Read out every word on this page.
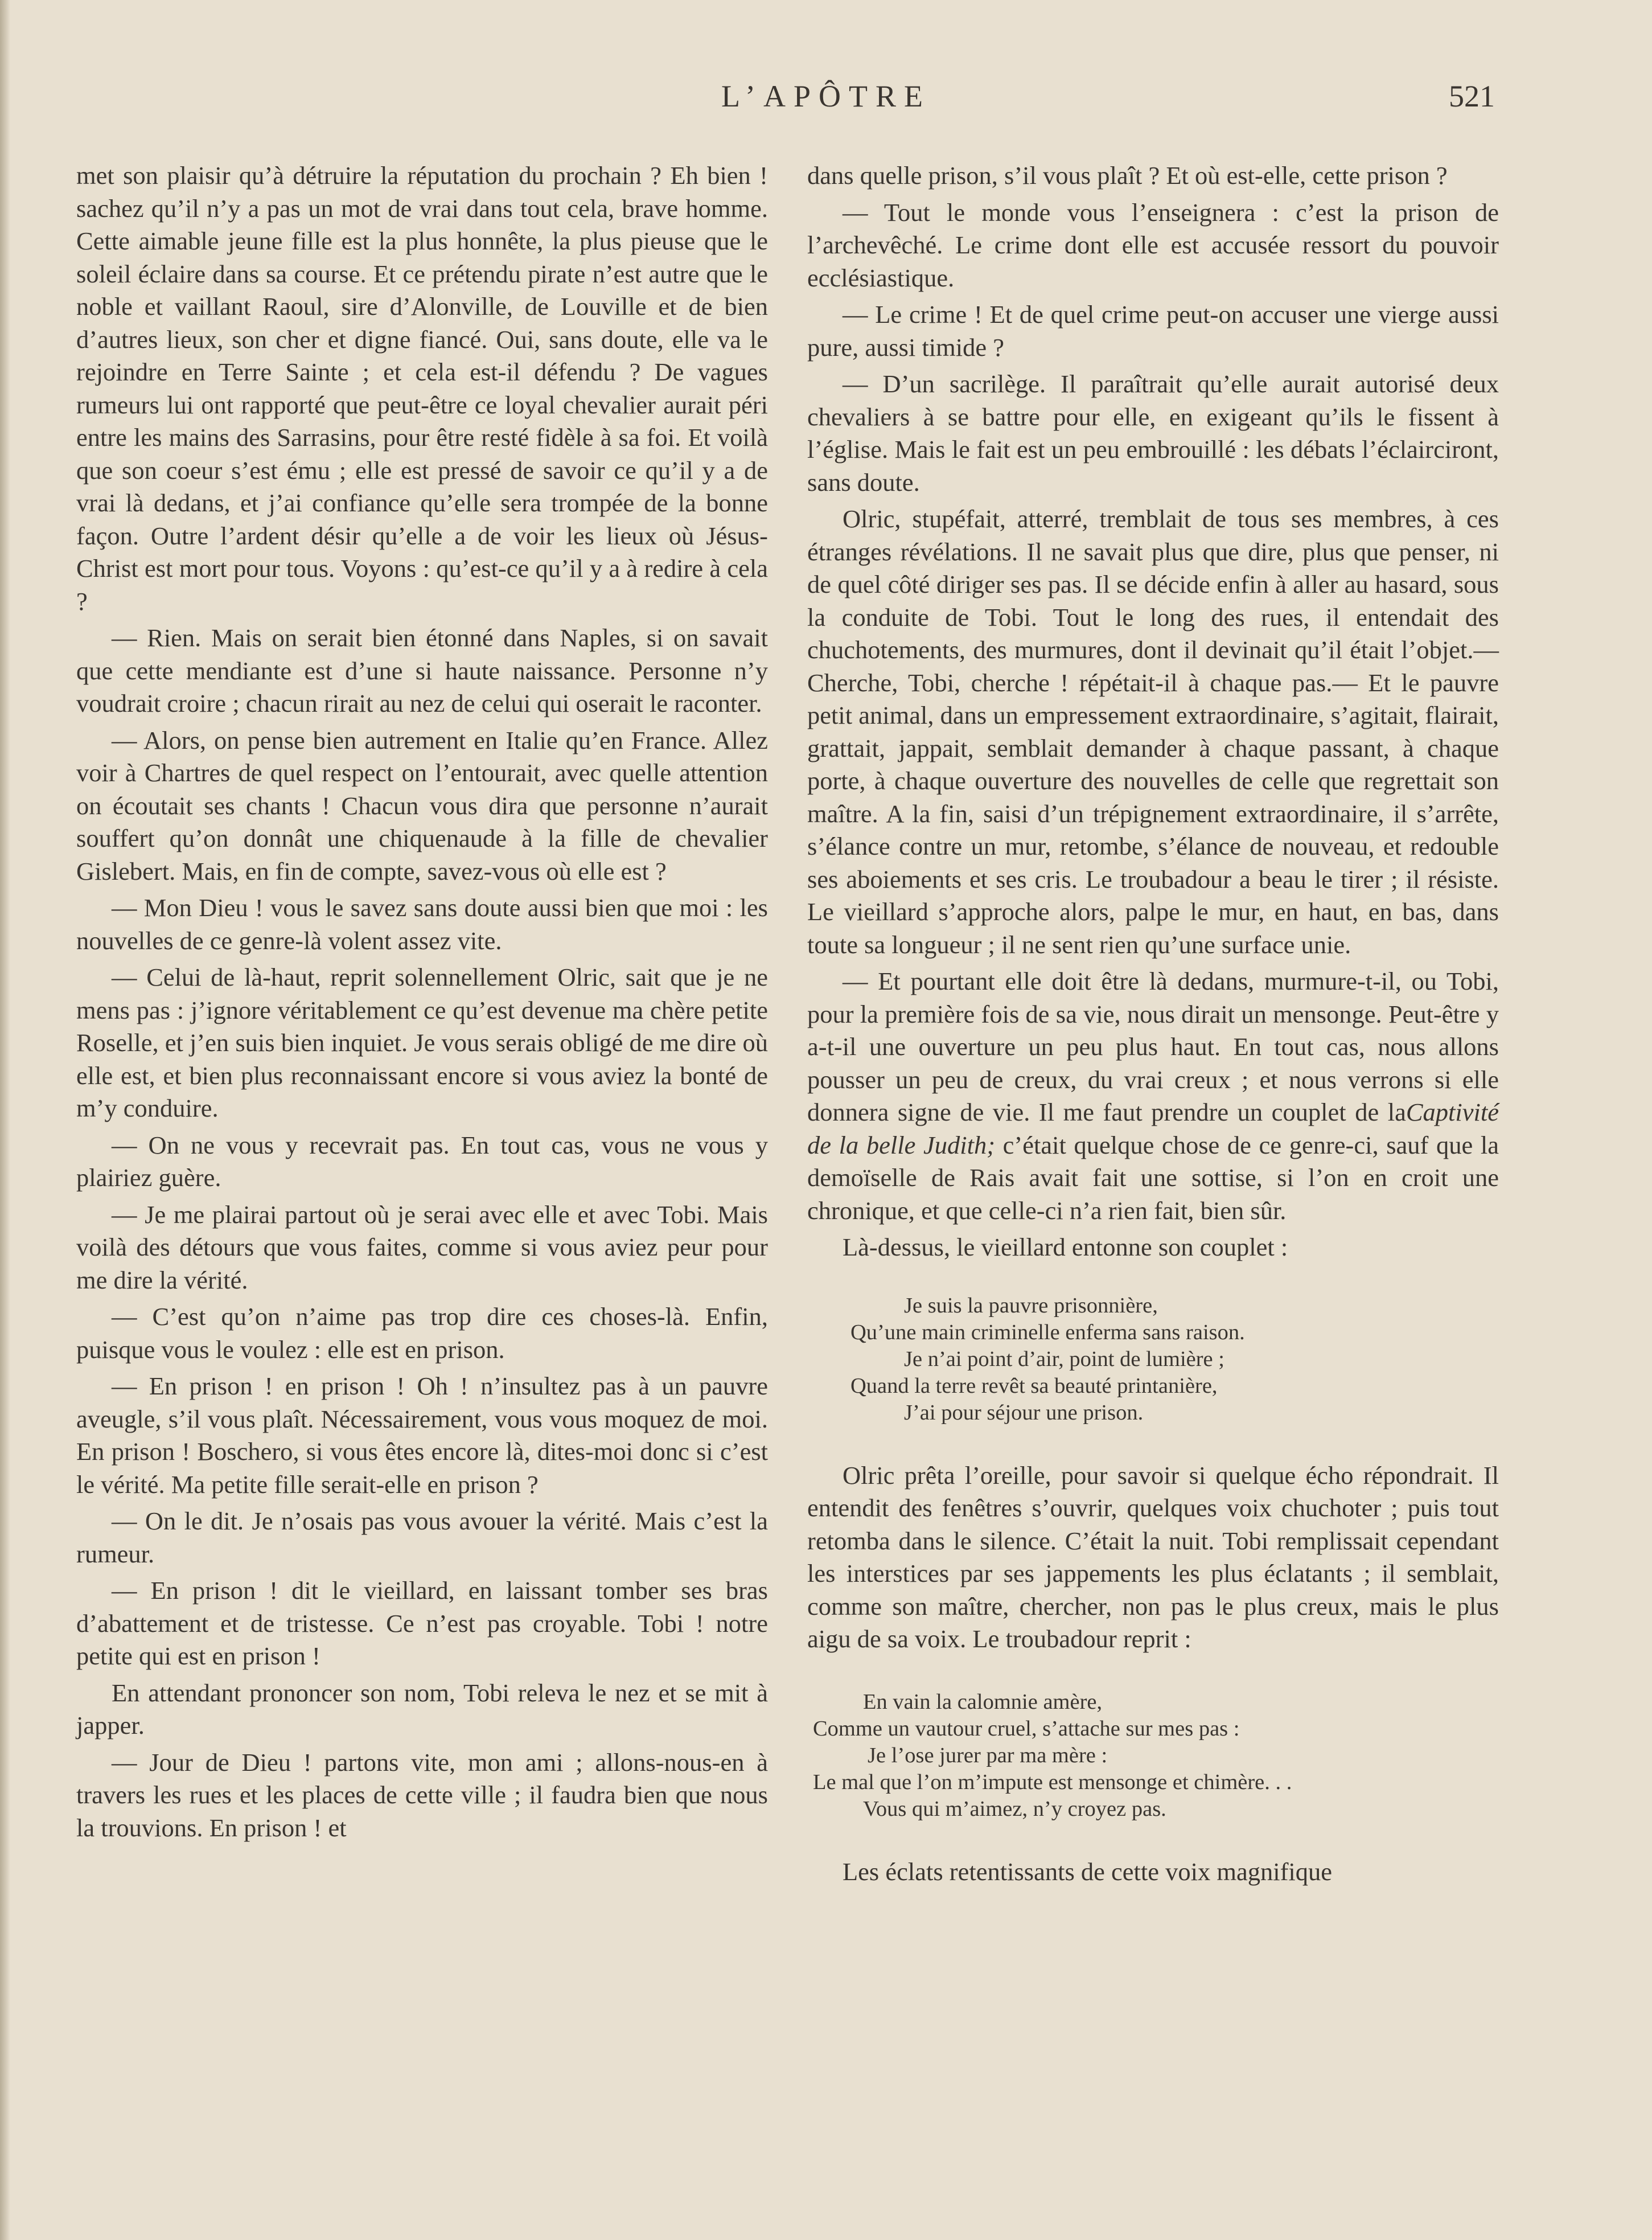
L’APÔTRE	521

met son plaisir qu’à détruire la réputation du prochain ? Eh bien ! sachez qu’il n’y a pas un mot de vrai dans tout cela, brave homme. Cette aimable jeune fille est la plus honnête, la plus pieuse que le soleil éclaire dans sa course. Et ce prétendu pirate n’est autre que le noble et vaillant Raoul, sire d’Alonville, de Louville et de bien d’autres lieux, son cher et digne fiancé. Oui, sans doute, elle va le rejoindre en Terre Sainte ; et cela est-il défendu ? De vagues rumeurs lui ont rapporté que peut-être ce loyal chevalier aurait péri entre les mains des Sarrasins, pour être resté fidèle à sa foi. Et voilà que son coeur s’est ému ; elle est pressé de savoir ce qu’il y a de vrai là dedans, et j’ai confiance qu’elle sera trompée de la bonne façon. Outre l’ardent désir qu’elle a de voir les lieux où Jésus-Christ est mort pour tous. Voyons : qu’est-ce qu’il y a à redire à cela ?

— Rien. Mais on serait bien étonné dans Naples, si on savait que cette mendiante est d’une si haute naissance. Personne n’y voudrait croire ; chacun rirait au nez de celui qui oserait le raconter.

— Alors, on pense bien autrement en Italie qu’en France. Allez voir à Chartres de quel respect on l’entourait, avec quelle attention on écoutait ses chants ! Chacun vous dira que personne n’aurait souffert qu’on donnât une chiquenaude à la fille de chevalier Gislebert. Mais, en fin de compte, savez-vous où elle est ?

— Mon Dieu ! vous le savez sans doute aussi bien que moi : les nouvelles de ce genre-là volent assez vite.

— Celui de là-haut, reprit solennellement Olric, sait que je ne mens pas : j’ignore véritablement ce qu’est devenue ma chère petite Roselle, et j’en suis bien inquiet. Je vous serais obligé de me dire où elle est, et bien plus reconnaissant encore si vous aviez la bonté de m’y conduire.

— On ne vous y recevrait pas. En tout cas, vous ne vous y plairiez guère.

— Je me plairai partout où je serai avec elle et avec Tobi. Mais voilà des détours que vous faites, comme si vous aviez peur pour me dire la vérité.

— C’est qu’on n’aime pas trop dire ces choses-là. Enfin, puisque vous le voulez : elle est en prison.

— En prison ! en prison ! Oh ! n’insultez pas à un pauvre aveugle, s’il vous plaît. Nécessairement, vous vous moquez de moi. En prison ! Boschero, si vous êtes encore là, dites-moi donc si c’est le vérité. Ma petite fille serait-elle en prison ?

— On le dit. Je n’osais pas vous avouer la vérité. Mais c’est la rumeur.

— En prison ! dit le vieillard, en laissant tomber ses bras d’abattement et de tristesse. Ce n’est pas croyable. Tobi ! notre petite qui est en prison !

En attendant prononcer son nom, Tobi releva le nez et se mit à japper.

— Jour de Dieu ! partons vite, mon ami ; allons-nous-en à travers les rues et les places de cette ville ; il faudra bien que nous la trouvions. En prison ! et

dans quelle prison, s’il vous plaît ? Et où est-elle, cette prison ?

— Tout le monde vous l’enseignera : c’est la prison de l’archevêché. Le crime dont elle est accusée ressort du pouvoir ecclésiastique.

— Le crime ! Et de quel crime peut-on accuser une vierge aussi pure, aussi timide ?

— D’un sacrilège. Il paraîtrait qu’elle aurait autorisé deux chevaliers à se battre pour elle, en exigeant qu’ils le fissent à l’église. Mais le fait est un peu embrouillé : les débats l’éclairciront, sans doute.

Olric, stupéfait, atterré, tremblait de tous ses membres, à ces étranges révélations. Il ne savait plus que dire, plus que penser, ni de quel côté diriger ses pas. Il se décide enfin à aller au hasard, sous la conduite de Tobi. Tout le long des rues, il entendait des chuchotements, des murmures, dont il devinait qu’il était l’objet.— Cherche, Tobi, cherche ! répétait-il à chaque pas.— Et le pauvre petit animal, dans un empressement extraordinaire, s’agitait, flairait, grattait, jappait, semblait demander à chaque passant, à chaque porte, à chaque ouverture des nouvelles de celle que regrettait son maître. A la fin, saisi d’un trépignement extraordinaire, il s’arrête, s’élance contre un mur, retombe, s’élance de nouveau, et redouble ses aboiements et ses cris. Le troubadour a beau le tirer ; il résiste. Le vieillard s’approche alors, palpe le mur, en haut, en bas, dans toute sa longueur ; il ne sent rien qu’une surface unie.

— Et pourtant elle doit être là dedans, murmure-t-il, ou Tobi, pour la première fois de sa vie, nous dirait un mensonge. Peut-être y a-t-il une ouverture un peu plus haut. En tout cas, nous allons pousser un peu de creux, du vrai creux ; et nous verrons si elle donnera signe de vie. Il me faut prendre un couplet de laCaptivité de la belle Judith; c’était quelque chose de ce genre-ci, sauf que la demoïselle de Rais avait fait une sottise, si l’on en croit une chronique, et que celle-ci n’a rien fait, bien sûr.

Là-dessus, le vieillard entonne son couplet :

Je suis la pauvre prisonnière,
Qu’une main criminelle enferma sans raison.
Je n’ai point d’air, point de lumière ;
Quand la terre revêt sa beauté printanière,
J’ai pour séjour une prison.

Olric prêta l’oreille, pour savoir si quelque écho répondrait. Il entendit des fenêtres s’ouvrir, quelques voix chuchoter ; puis tout retomba dans le silence. C’était la nuit. Tobi remplissait cependant les interstices par ses jappements les plus éclatants ; il semblait, comme son maître, chercher, non pas le plus creux, mais le plus aigu de sa voix. Le troubadour reprit :

En vain la calomnie amère,
Comme un vautour cruel, s’attache sur mes pas :
Je l’ose jurer par ma mère :
Le mal que l’on m’impute est mensonge et chimère. . .
Vous qui m’aimez, n’y croyez pas.

Les éclats retentissants de cette voix magnifique
